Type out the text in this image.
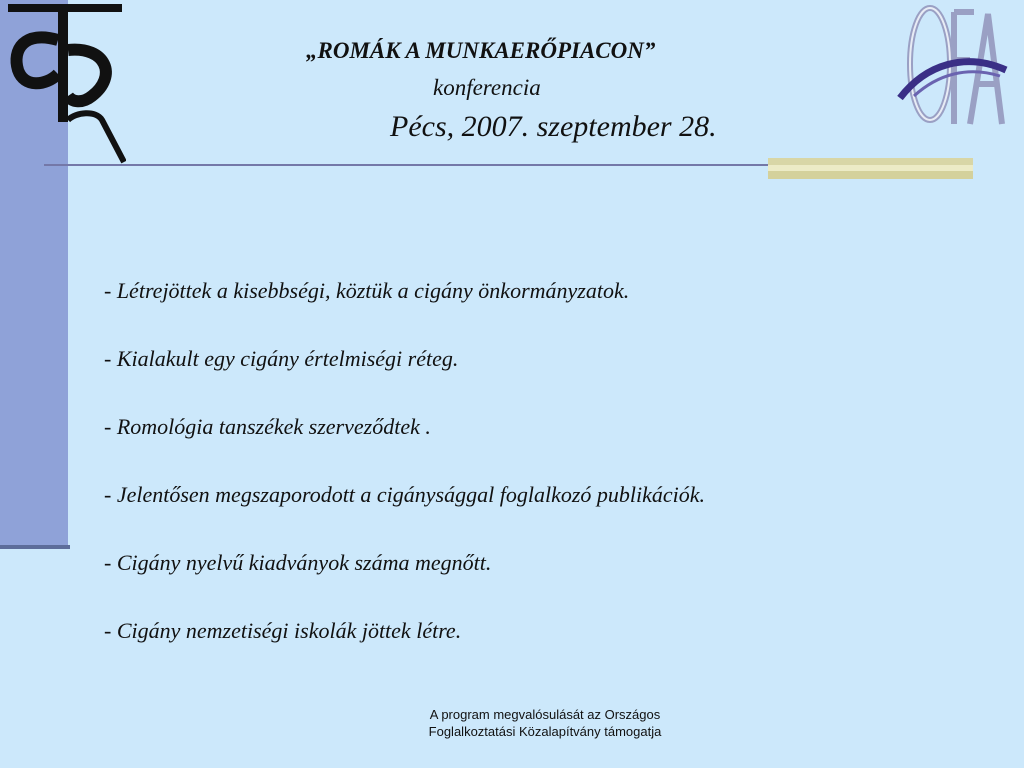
„ROMÁK A MUNKAERŐPIACON”
konferencia
Pécs, 2007. szeptember 28.
- Létrejöttek a kisebbségi, köztük a cigány önkormányzatok.
- Kialakult egy cigány értelmiségi réteg.
- Romológia tanszékek szerveződtek .
- Jelentősen megszaporodott a cigánysággal foglalkozó publikációk.
- Cigány nyelvű kiadványok száma megnőtt.
- Cigány nemzetiségi iskolák jöttek létre.
A program megvalósulását az Országos
Foglalkoztatási Közalapítvány támogatja
